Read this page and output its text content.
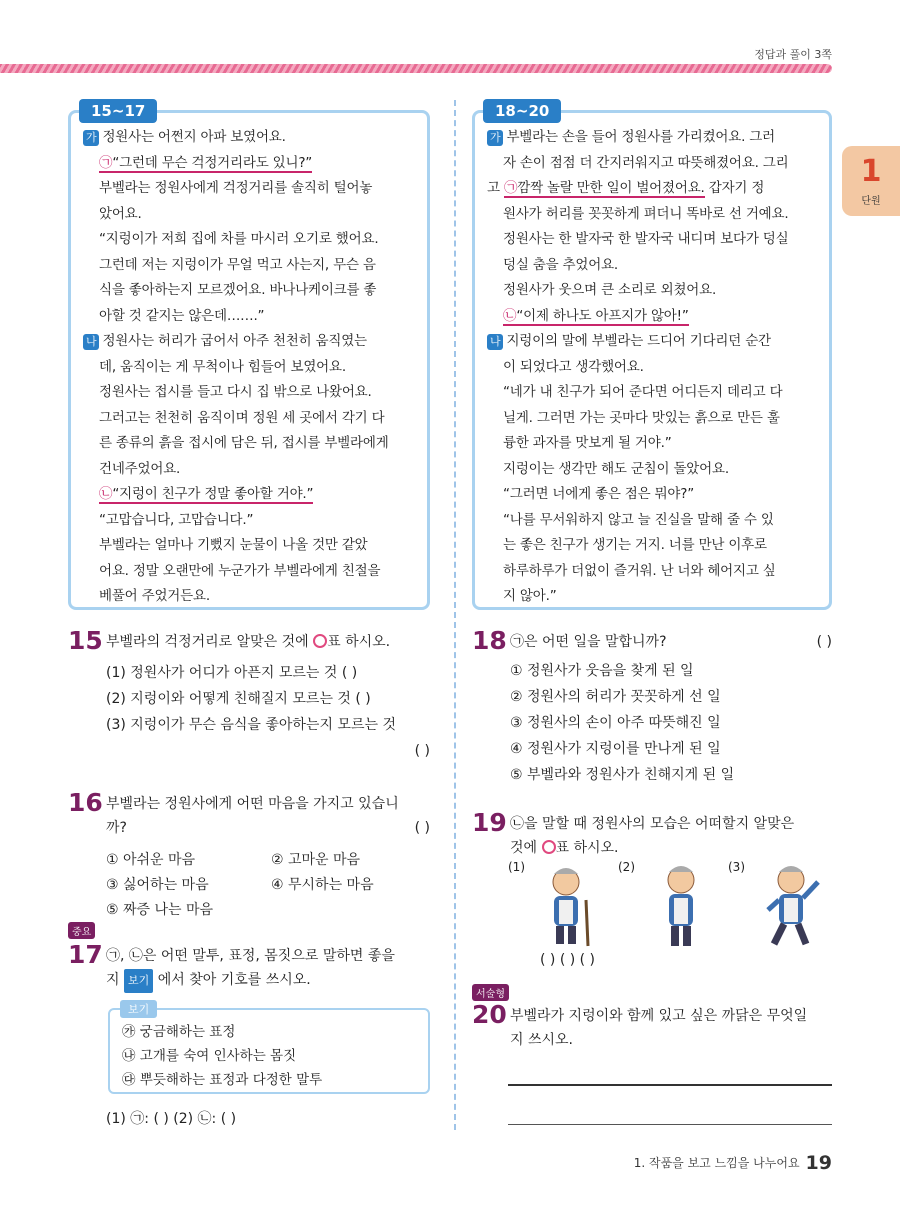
정답과 풀이 3쪽
1
단원
15~17

가 정원사는 어쩐지 아파 보였어요.

㉠“그런데 무슨 걱정거리라도 있니?”

부벨라는 정원사에게 걱정거리를 솔직히 털어놓

았어요.

“지렁이가 저희 집에 차를 마시러 오기로 했어요.

그런데 저는 지렁이가 무얼 먹고 사는지, 무슨 음

식을 좋아하는지 모르겠어요. 바나나케이크를 좋

아할 것 같지는 않은데…….”

나 정원사는 허리가 굽어서 아주 천천히 움직였는

데, 움직이는 게 무척이나 힘들어 보였어요.

정원사는 접시를 들고 다시 집 밖으로 나왔어요.

그러고는 천천히 움직이며 정원 세 곳에서 각기 다

른 종류의 흙을 접시에 담은 뒤, 접시를 부벨라에게

건네주었어요.

㉡“지렁이 친구가 정말 좋아할 거야.”

“고맙습니다, 고맙습니다.”

부벨라는 얼마나 기뻤지 눈물이 나올 것만 같았

어요. 정말 오랜만에 누군가가 부벨라에게 친절을

베풀어 주었거든요.

18~20

가 부벨라는 손을 들어 정원사를 가리켰어요. 그러

자 손이 점점 더 간지러워지고 따뜻해졌어요. 그리

고 ㉠깜짝 놀랄 만한 일이 벌어졌어요. 갑자기 정

원사가 허리를 꼿꼿하게 펴더니 똑바로 선 거예요.

정원사는 한 발자국 한 발자국 내디며 보다가 덩실

덩실 춤을 추었어요.

정원사가 웃으며 큰 소리로 외쳤어요.

㉡“이제 하나도 아프지가 않아!”

나 지렁이의 말에 부벨라는 드디어 기다리던 순간

이 되었다고 생각했어요.

“네가 내 친구가 되어 준다면 어디든지 데리고 다

닐게. 그러면 가는 곳마다 맛있는 흙으로 만든 훌

륭한 과자를 맛보게 될 거야.”

지렁이는 생각만 해도 군침이 돌았어요.

“그러면 너에게 좋은 점은 뭐야?”

“나를 무서워하지 않고 늘 진실을 말해 줄 수 있

는 좋은 친구가 생기는 거지. 너를 만난 이후로

하루하루가 더없이 즐거워. 난 너와 헤어지고 싶

지 않아.”

15 부벨라의 걱정거리로 알맞은 것에 ○표 하시오.
(1) 정원사가 어디가 아픈지 모르는 것 ( )
(2) 지렁이와 어떻게 친해질지 모르는 것 ( )
(3) 지렁이가 무슨 음식을 좋아하는지 모르는 것
( )
16 부벨라는 정원사에게 어떤 마음을 가지고 있습니
까?	( )
① 아쉬운 마음	② 고마운 마음
③ 싫어하는 마음	④ 무시하는 마음
⑤ 짜증 나는 마음
중요
17 ㉠, ㉡은 어떤 말투, 표정, 몸짓으로 말하면 좋을
지 보기 에서 찾아 기호를 쓰시오.
보기

㉮ 궁금해하는 표정

㉯ 고개를 숙여 인사하는 몸짓

㉰ 뿌듯해하는 표정과 다정한 말투

(1) ㉠: ( ) (2) ㉡: ( )
18 ㉠은 어떤 일을 말합니까?	( )
① 정원사가 웃음을 찾게 된 일
② 정원사의 허리가 꼿꼿하게 선 일
③ 정원사의 손이 아주 따뜻해진 일
④ 정원사가 지렁이를 만나게 된 일
⑤ 부벨라와 정원사가 친해지게 된 일
19 ㉡을 말할 때 정원사의 모습은 어떠할지 알맞은
것에 ○표 하시오.
(1)	(2)	(3)
( ) ( ) ( )
서술형
20 부벨라가 지렁이와 함께 있고 싶은 까닭은 무엇일
지 쓰시오.
1. 작품을 보고 느낌을 나누어요 19
